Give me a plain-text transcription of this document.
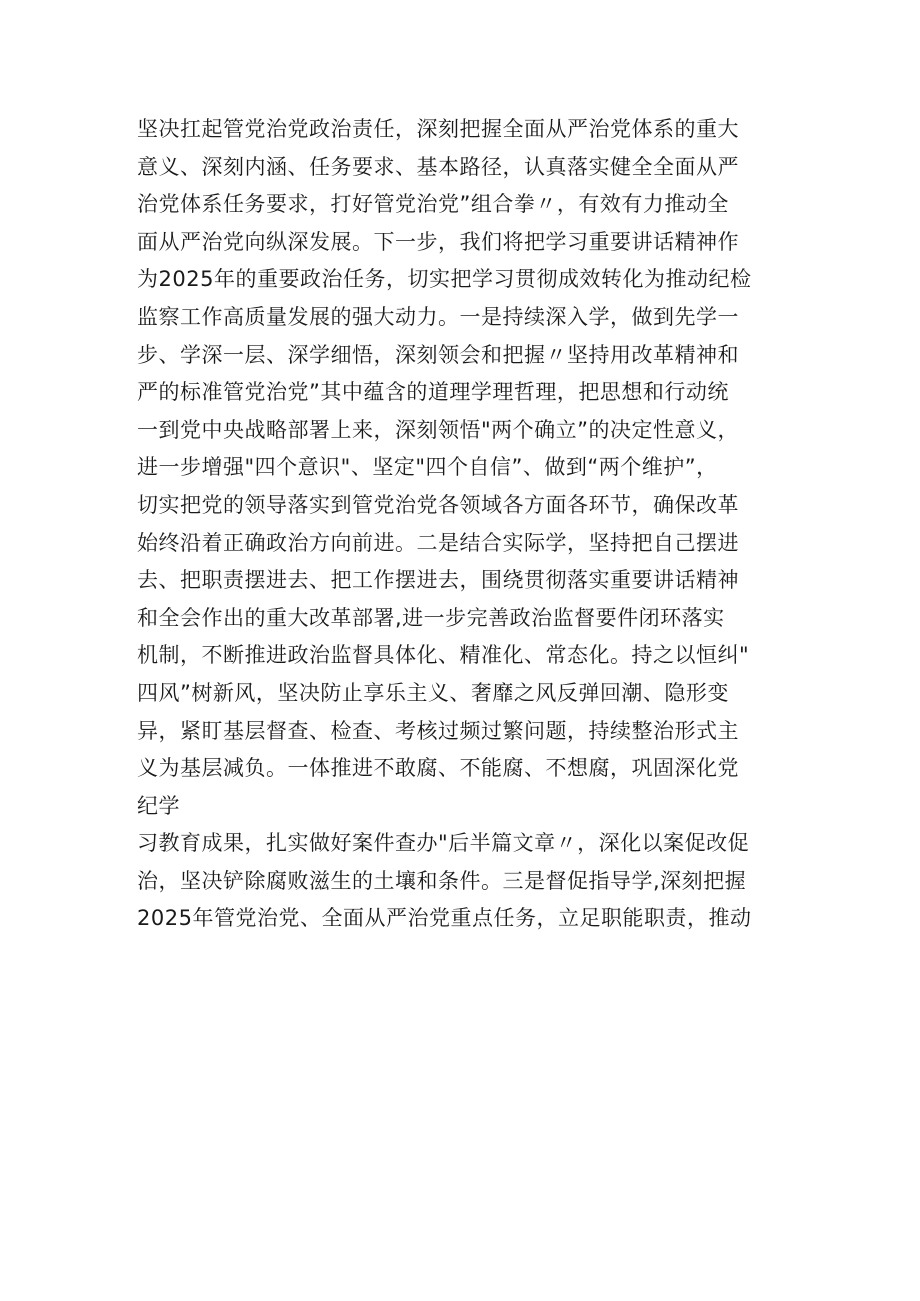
坚决扛起管党治党政治责任，深刻把握全面从严治党体系的重大
意义、深刻内涵、任务要求、基本路径，认真落实健全全面从严
治党体系任务要求，打好管党治党”组合拳〃，有效有力推动全
面从严治党向纵深发展。下一步，我们将把学习重要讲话精神作
为2025年的重要政治任务，切实把学习贯彻成效转化为推动纪检
监察工作高质量发展的强大动力。一是持续深入学，做到先学一
步、学深一层、深学细悟，深刻领会和把握〃坚持用改革精神和
严的标准管党治党”其中蕴含的道理学理哲理，把思想和行动统
一到党中央战略部署上来，深刻领悟"两个确立”的决定性意义，
进一步增强"四个意识"、坚定"四个自信”、做到“两个维护”，
切实把党的领导落实到管党治党各领域各方面各环节，确保改革
始终沿着正确政治方向前进。二是结合实际学，坚持把自己摆进
去、把职责摆进去、把工作摆进去，围绕贯彻落实重要讲话精神
和全会作出的重大改革部署,进一步完善政治监督要件闭环落实
机制，不断推进政治监督具体化、精准化、常态化。持之以恒纠"
四风”树新风，坚决防止享乐主义、奢靡之风反弹回潮、隐形变
异，紧盯基层督查、检查、考核过频过繁问题，持续整治形式主
义为基层减负。一体推进不敢腐、不能腐、不想腐，巩固深化党
纪学
习教育成果，扎实做好案件查办"后半篇文章〃，深化以案促改促
治，坚决铲除腐败滋生的土壤和条件。三是督促指导学,深刻把握
2025年管党治党、全面从严治党重点任务，立足职能职责，推动
